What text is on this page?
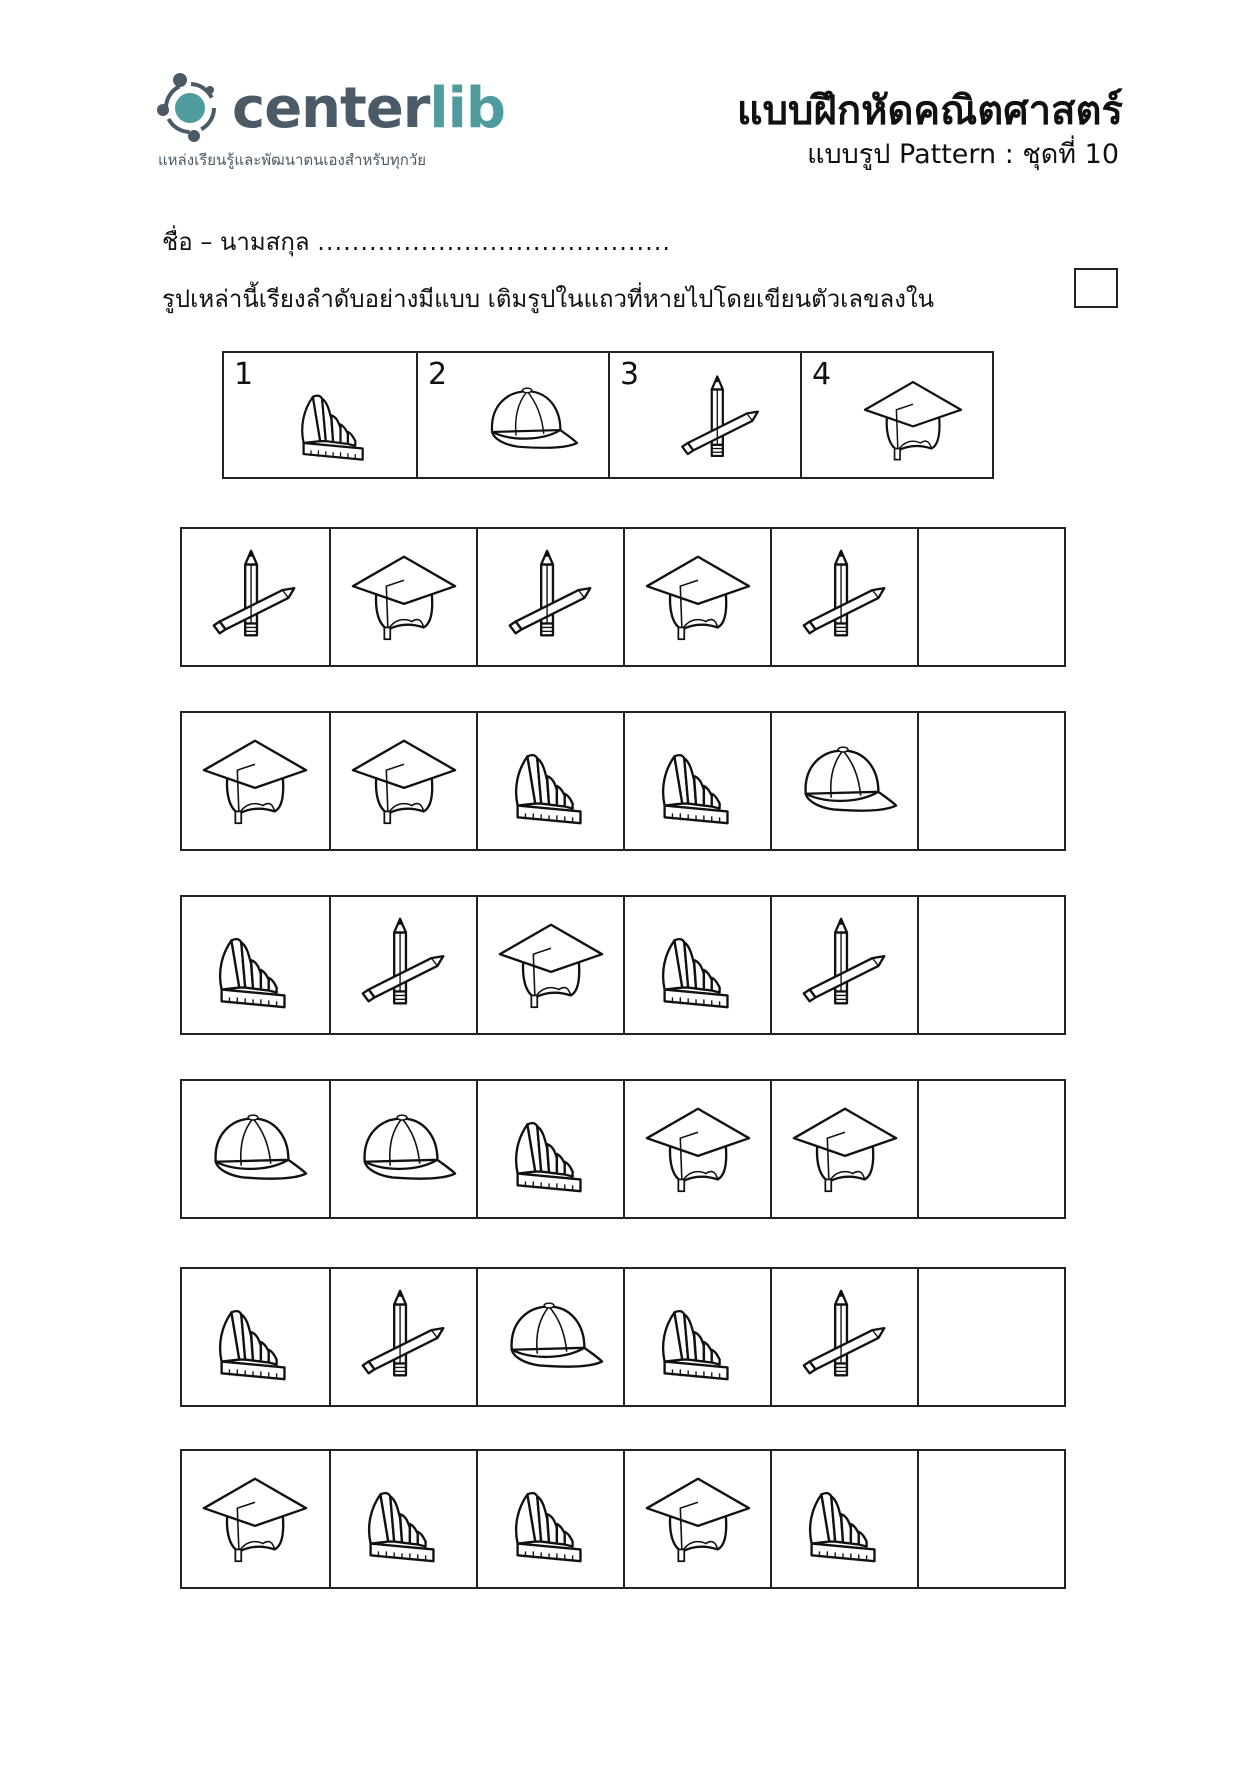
centerlib
แหล่งเรียนรู้และพัฒนาตนเองสำหรับทุกวัย
แบบฝึกหัดคณิตศาสตร์
แบบรูป Pattern : ชุดที่ 10
ชื่อ – นามสกุล .........................................
รูปเหล่านี้เรียงลำดับอย่างมีแบบ เติมรูปในแถวที่หายไปโดยเขียนตัวเลขลงใน
1	2	3	4
